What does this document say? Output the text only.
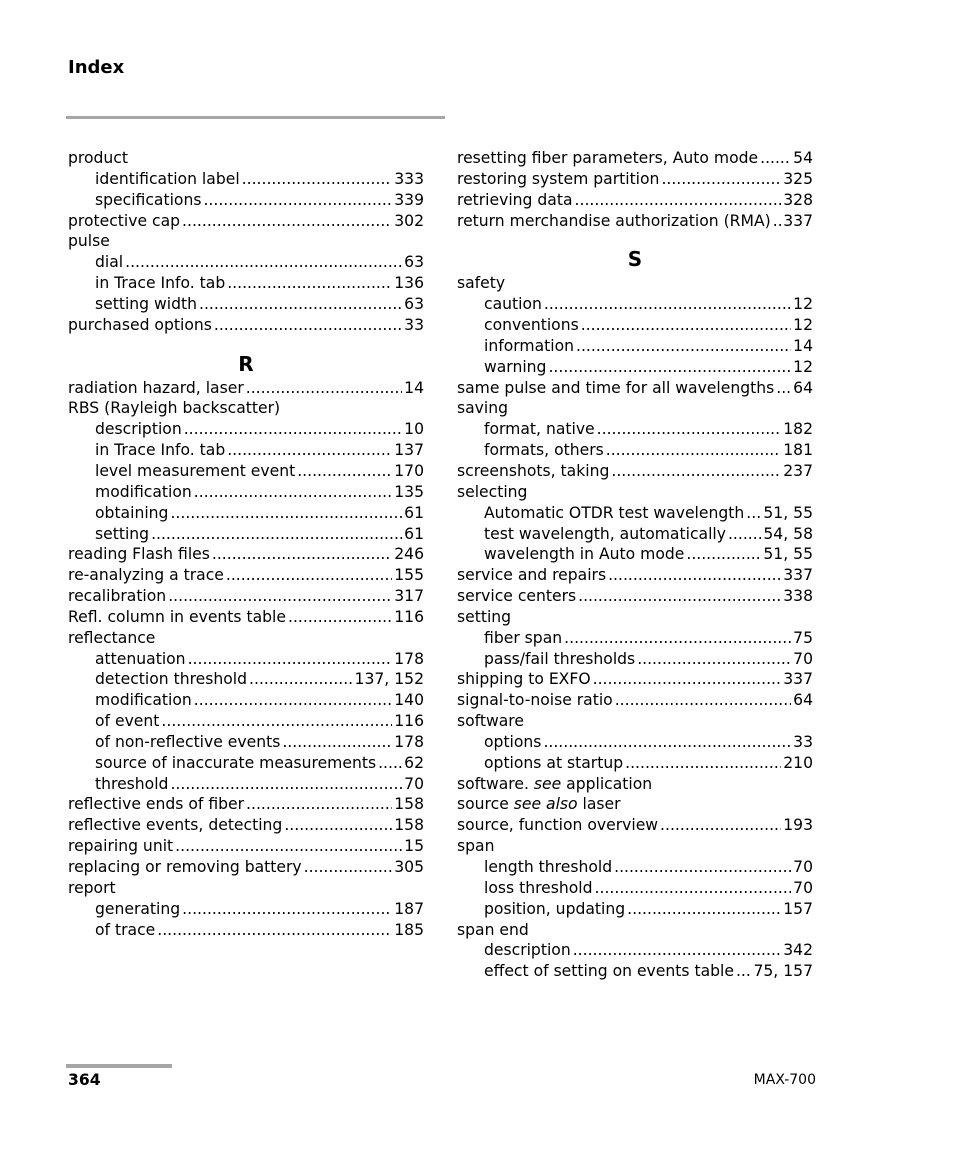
Index
product
identification label .....	333
specifications .....	339
protective cap .....	302
pulse
dial .....	63
in Trace Info. tab .....	136
setting width .....	63
purchased options .....	33
R
radiation hazard, laser .....	14
RBS (Rayleigh backscatter)
description .....	10
in Trace Info. tab .....	137
level measurement event .....	170
modification .....	135
obtaining .....	61
setting .....	61
reading Flash files .....	246
re-analyzing a trace .....	155
recalibration .....	317
Refl. column in events table .....	116
reflectance
attenuation .....	178
detection threshold .....	137, 152
modification .....	140
of event .....	116
of non-reflective events .....	178
source of inaccurate measurements ..... 62
threshold .....	70
reflective ends of fiber .....	158
reflective events, detecting .....	158
repairing unit .....	15
replacing or removing battery .....	305
report
generating .....	187
of trace .....	185
resetting fiber parameters, Auto mode ..... 54
restoring system partition .....	325
retrieving data .....	328
return merchandise authorization (RMA) ..... 337
S
safety
caution .....	12
conventions .....	12
information .....	14
warning .....	12
same pulse and time for all wavelengths ..... 64
saving
format, native .....	182
formats, others .....	181
screenshots, taking .....	237
selecting
Automatic OTDR test wavelength ..... 51, 55
test wavelength, automatically ..... 54, 58
wavelength in Auto mode .....	51, 55
service and repairs .....	337
service centers .....	338
setting
fiber span .....	75
pass/fail thresholds .....	70
shipping to EXFO .....	337
signal-to-noise ratio .....	64
software
options .....	33
options at startup .....	210
software. see application
source see also laser
source, function overview .....	193
span
length threshold .....	70
loss threshold .....	70
position, updating .....	157
span end
description .....	342
effect of setting on events table ..... 75, 157
364	MAX-700
